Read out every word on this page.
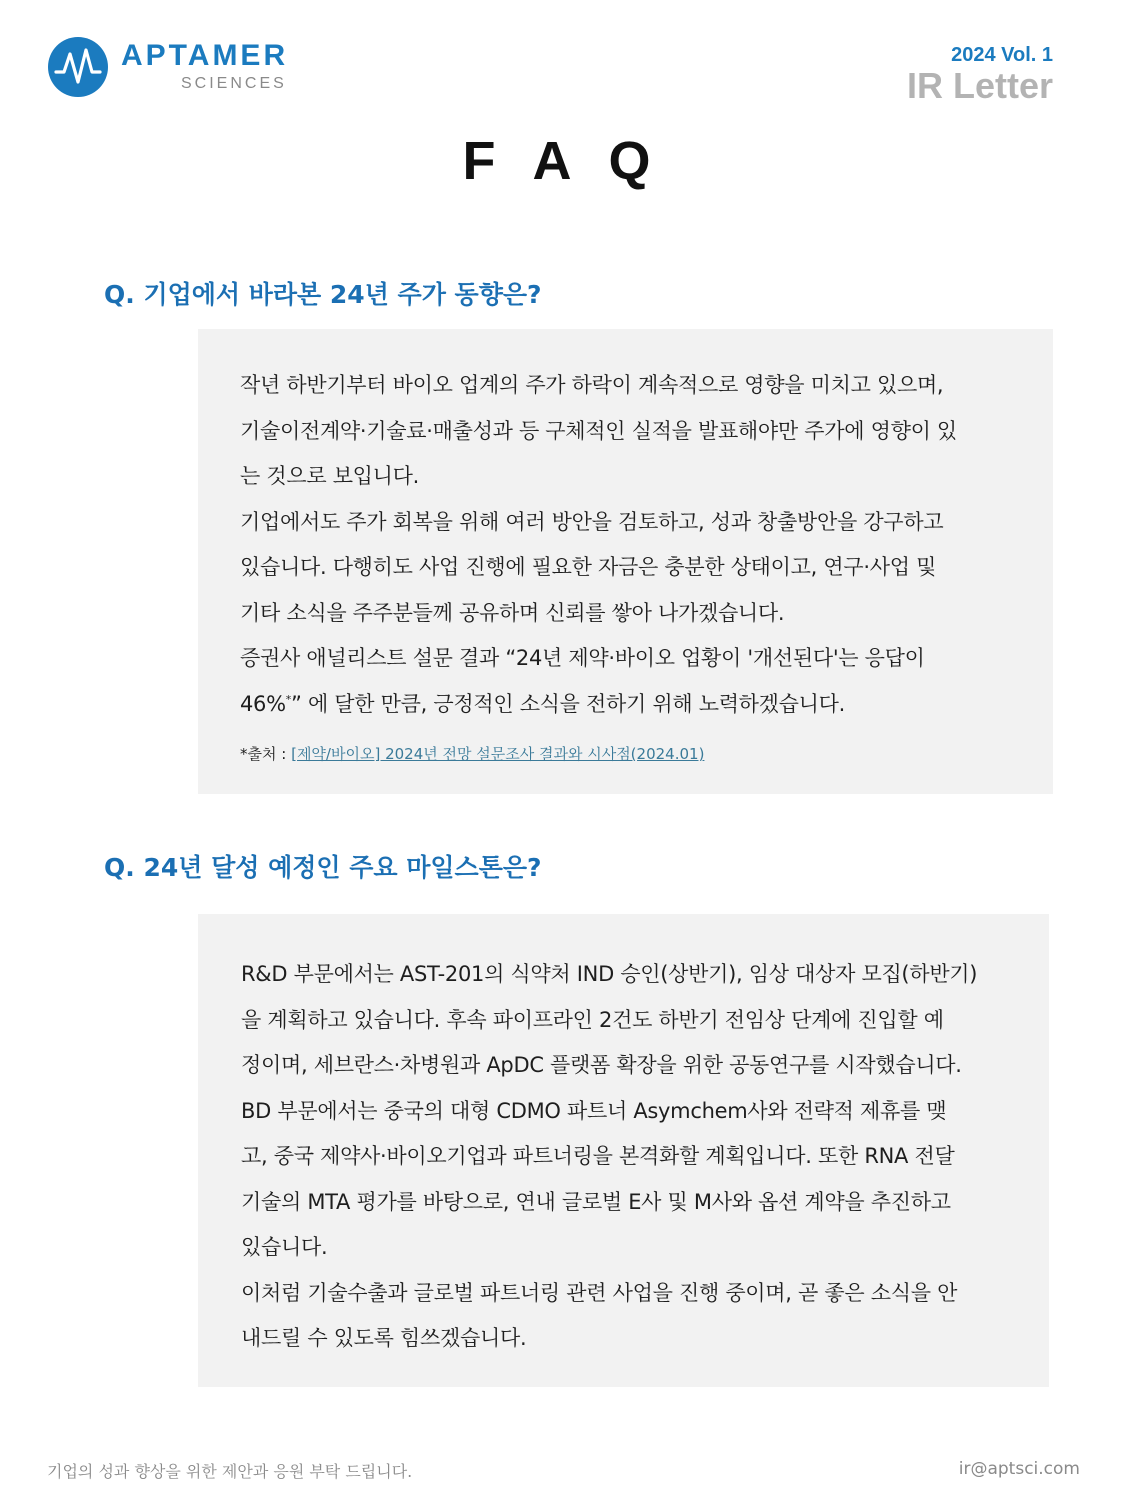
APTAMER
SCIENCES
2024 Vol. 1
IR Letter
F A Q
Q. 기업에서 바라본 24년 주가 동향은?

작년 하반기부터 바이오 업계의 주가 하락이 계속적으로 영향을 미치고 있으며,

기술이전계약·기술료·매출성과 등 구체적인 실적을 발표해야만 주가에 영향이 있

는 것으로 보입니다.

기업에서도 주가 회복을 위해 여러 방안을 검토하고, 성과 창출방안을 강구하고

있습니다. 다행히도 사업 진행에 필요한 자금은 충분한 상태이고, 연구·사업 및

기타 소식을 주주분들께 공유하며 신뢰를 쌓아 나가겠습니다.

증권사 애널리스트 설문 결과 “24년 제약·바이오 업황이 '개선된다'는 응답이

46%*” 에 달한 만큼, 긍정적인 소식을 전하기 위해 노력하겠습니다.

*출처 : [제약/바이오] 2024년 전망 설문조사 결과와 시사점(2024.01)

Q. 24년 달성 예정인 주요 마일스톤은?

R&D 부문에서는 AST-201의 식약처 IND 승인(상반기), 임상 대상자 모집(하반기)

을 계획하고 있습니다. 후속 파이프라인 2건도 하반기 전임상 단계에 진입할 예

정이며, 세브란스·차병원과 ApDC 플랫폼 확장을 위한 공동연구를 시작했습니다.

BD 부문에서는 중국의 대형 CDMO 파트너 Asymchem사와 전략적 제휴를 맺

고, 중국 제약사·바이오기업과 파트너링을 본격화할 계획입니다. 또한 RNA 전달

기술의 MTA 평가를 바탕으로, 연내 글로벌 E사 및 M사와 옵션 계약을 추진하고

있습니다.

이처럼 기술수출과 글로벌 파트너링 관련 사업을 진행 중이며, 곧 좋은 소식을 안

내드릴 수 있도록 힘쓰겠습니다.

기업의 성과 향상을 위한 제안과 응원 부탁 드립니다.	ir@aptsci.com
